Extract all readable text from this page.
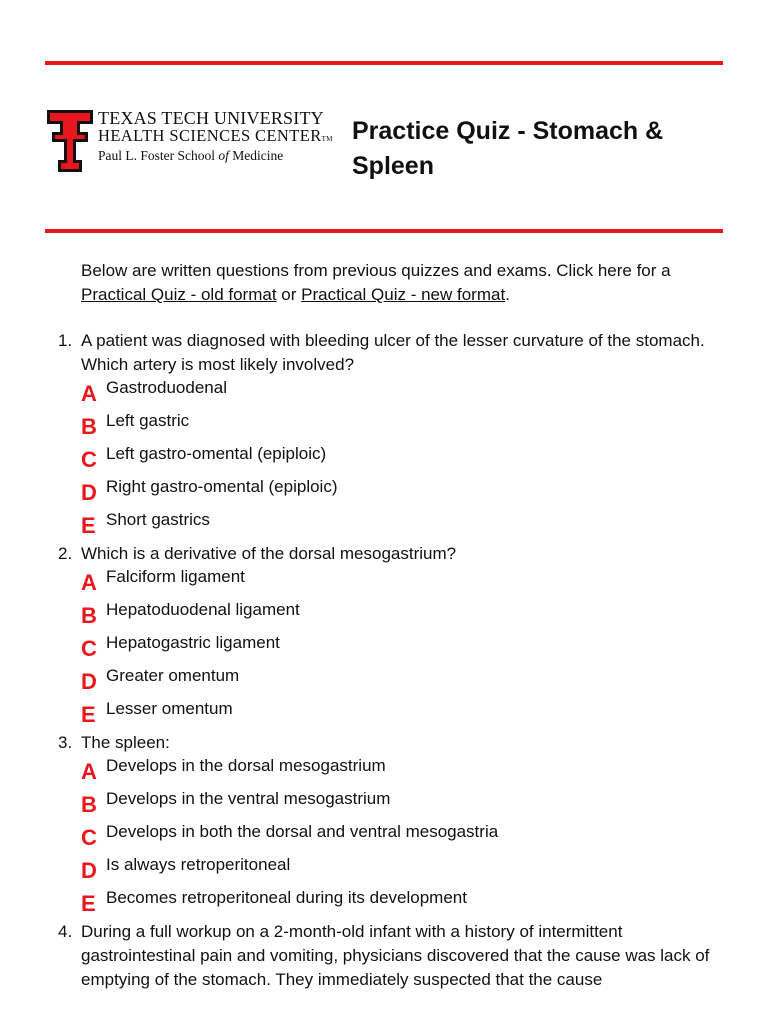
TEXAS TECH UNIVERSITY
HEALTH SCIENCES CENTERTM
Paul L. Foster School of Medicine
Practice Quiz - Stomach & Spleen

Below are written questions from previous quizzes and exams. Click here for a Practical Quiz - old format or Practical Quiz - new format.

1. A patient was diagnosed with bleeding ulcer of the lesser curvature of the stomach. Which artery is most likely involved?
A Gastroduodenal
B Left gastric
C Left gastro-omental (epiploic)
D Right gastro-omental (epiploic)
E Short gastrics
2. Which is a derivative of the dorsal mesogastrium?
A Falciform ligament
B Hepatoduodenal ligament
C Hepatogastric ligament
D Greater omentum
E Lesser omentum
3. The spleen:
A Develops in the dorsal mesogastrium
B Develops in the ventral mesogastrium
C Develops in both the dorsal and ventral mesogastria
D Is always retroperitoneal
E Becomes retroperitoneal during its development
4. During a full workup on a 2-month-old infant with a history of intermittent gastrointestinal pain and vomiting, physicians discovered that the cause was lack of emptying of the stomach. They immediately suspected that the cause
